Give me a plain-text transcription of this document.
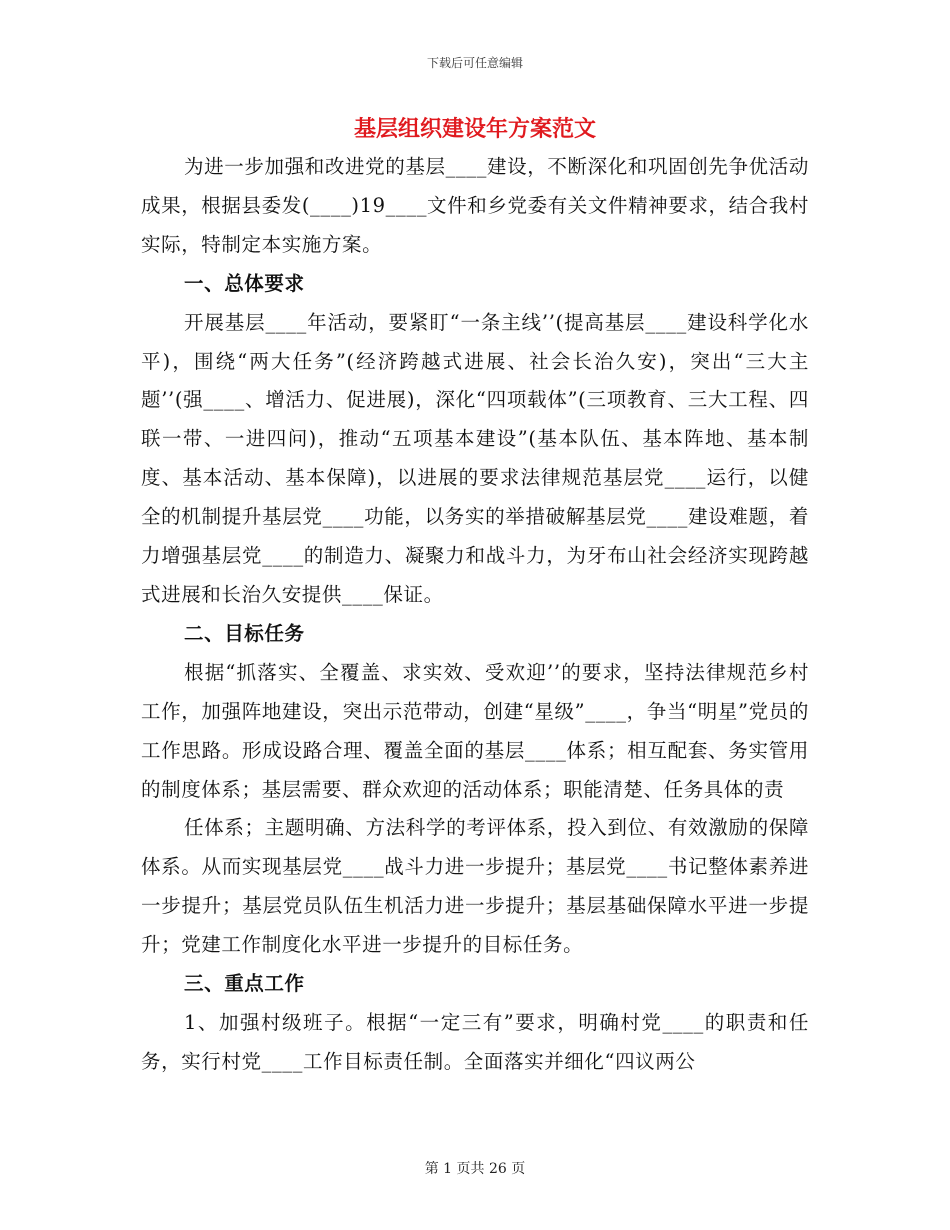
下载后可任意编辑
基层组织建设年方案范文

为进一步加强和改进党的基层____建设，不断深化和巩固创先争优活动成果，根据县委发(____)19____文件和乡党委有关文件精神要求，结合我村实际，特制定本实施方案。

一、总体要求

开展基层____年活动，要紧盯“一条主线’’(提高基层____建设科学化水平)，围绕“两大任务”(经济跨越式进展、社会长治久安)，突出“三大主题’’(强____、增活力、促进展)，深化“四项载体”(三项教育、三大工程、四联一带、一进四问)，推动“五项基本建设”(基本队伍、基本阵地、基本制度、基本活动、基本保障)，以进展的要求法律规范基层党____运行，以健全的机制提升基层党____功能，以务实的举措破解基层党____建设难题，着力增强基层党____的制造力、凝聚力和战斗力，为牙布山社会经济实现跨越式进展和长治久安提供____保证。

二、目标任务

根据“抓落实、全覆盖、求实效、受欢迎’’的要求，坚持法律规范乡村工作，加强阵地建设，突出示范带动，创建“星级”____，争当“明星”党员的工作思路。形成设路合理、覆盖全面的基层____体系；相互配套、务实管用的制度体系；基层需要、群众欢迎的活动体系；职能清楚、任务具体的责

任体系；主题明确、方法科学的考评体系，投入到位、有效激励的保障体系。从而实现基层党____战斗力进一步提升；基层党____书记整体素养进一步提升；基层党员队伍生机活力进一步提升；基层基础保障水平进一步提升；党建工作制度化水平进一步提升的目标任务。

三、重点工作

1、加强村级班子。根据“一定三有”要求，明确村党____的职责和任务，实行村党____工作目标责任制。全面落实并细化“四议两公

第 1 页共 26 页
